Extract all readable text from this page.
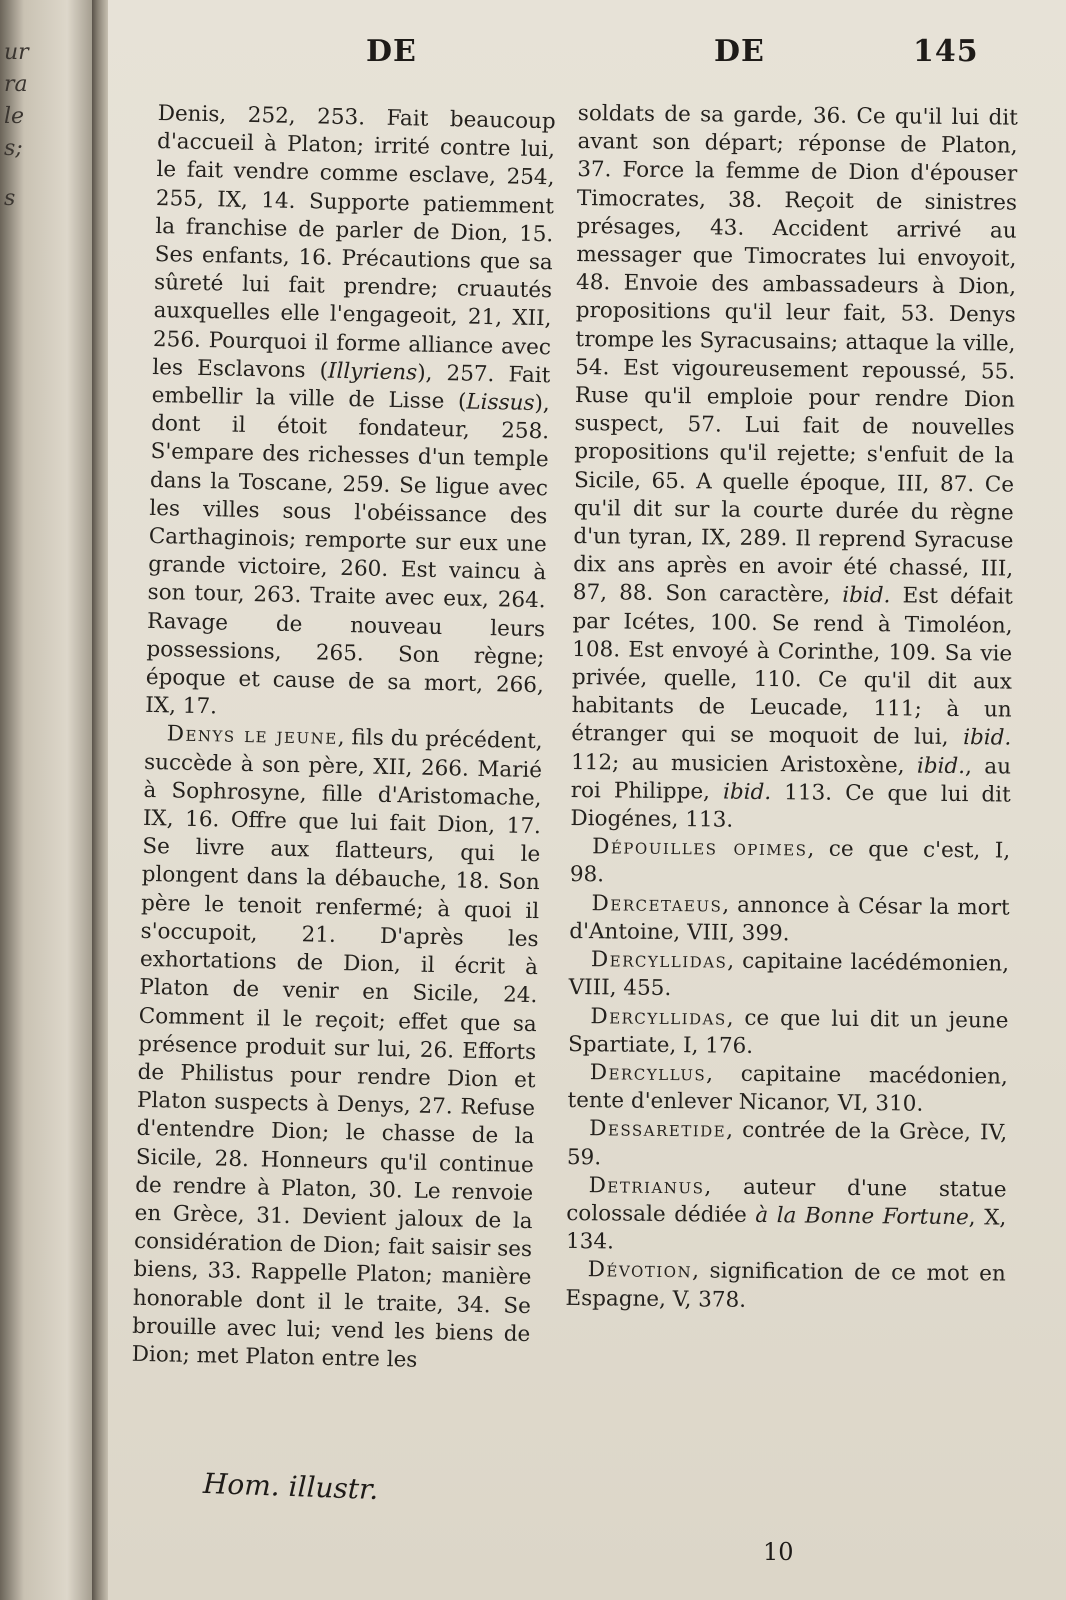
ur
ra
le
s;
s
DE	DE	145

Denis, 252, 253. Fait beaucoup d'accueil à Platon; irrité contre lui, le fait vendre comme esclave, 254, 255, IX, 14. Supporte patiemment la franchise de parler de Dion, 15. Ses enfants, 16. Précautions que sa sûreté lui fait prendre; cruautés auxquelles elle l'engageoit, 21, XII, 256. Pourquoi il forme alliance avec les Esclavons (Illyriens), 257. Fait embellir la ville de Lisse (Lissus), dont il étoit fondateur, 258. S'empare des richesses d'un temple dans la Toscane, 259. Se ligue avec les villes sous l'obéissance des Carthaginois; remporte sur eux une grande victoire, 260. Est vaincu à son tour, 263. Traite avec eux, 264. Ravage de nouveau leurs possessions, 265. Son règne; époque et cause de sa mort, 266, IX, 17.

Denys le jeune, fils du précédent, succède à son père, XII, 266. Marié à Sophrosyne, fille d'Aristomache, IX, 16. Offre que lui fait Dion, 17. Se livre aux flatteurs, qui le plongent dans la débauche, 18. Son père le tenoit renfermé; à quoi il s'occupoit, 21. D'après les exhortations de Dion, il écrit à Platon de venir en Sicile, 24. Comment il le reçoit; effet que sa présence produit sur lui, 26. Efforts de Philistus pour rendre Dion et Platon suspects à Denys, 27. Refuse d'entendre Dion; le chasse de la Sicile, 28. Honneurs qu'il continue de rendre à Platon, 30. Le renvoie en Grèce, 31. Devient jaloux de la considération de Dion; fait saisir ses biens, 33. Rappelle Platon; manière honorable dont il le traite, 34. Se brouille avec lui; vend les biens de Dion; met Platon entre les

soldats de sa garde, 36. Ce qu'il lui dit avant son départ; réponse de Platon, 37. Force la femme de Dion d'épouser Timocrates, 38. Reçoit de sinistres présages, 43. Accident arrivé au messager que Timocrates lui envoyoit, 48. Envoie des ambassadeurs à Dion, propositions qu'il leur fait, 53. Denys trompe les Syracusains; attaque la ville, 54. Est vigoureusement repoussé, 55. Ruse qu'il emploie pour rendre Dion suspect, 57. Lui fait de nouvelles propositions qu'il rejette; s'enfuit de la Sicile, 65. A quelle époque, III, 87. Ce qu'il dit sur la courte durée du règne d'un tyran, IX, 289. Il reprend Syracuse dix ans après en avoir été chassé, III, 87, 88. Son caractère, ibid. Est défait par Icétes, 100. Se rend à Timoléon, 108. Est envoyé à Corinthe, 109. Sa vie privée, quelle, 110. Ce qu'il dit aux habitants de Leucade, 111; à un étranger qui se moquoit de lui, ibid. 112; au musicien Aristoxène, ibid., au roi Philippe, ibid. 113. Ce que lui dit Diogénes, 113.

Dépouilles opimes, ce que c'est, I, 98.

Dercetaeus, annonce à César la mort d'Antoine, VIII, 399.

Dercyllidas, capitaine lacédémonien, VIII, 455.

Dercyllidas, ce que lui dit un jeune Spartiate, I, 176.

Dercyllus, capitaine macédonien, tente d'enlever Nicanor, VI, 310.

Dessaretide, contrée de la Grèce, IV, 59.

Detrianus, auteur d'une statue colossale dédiée à la Bonne Fortune, X, 134.

Dévotion, signification de ce mot en Espagne, V, 378.

Hom. illustr.
10
